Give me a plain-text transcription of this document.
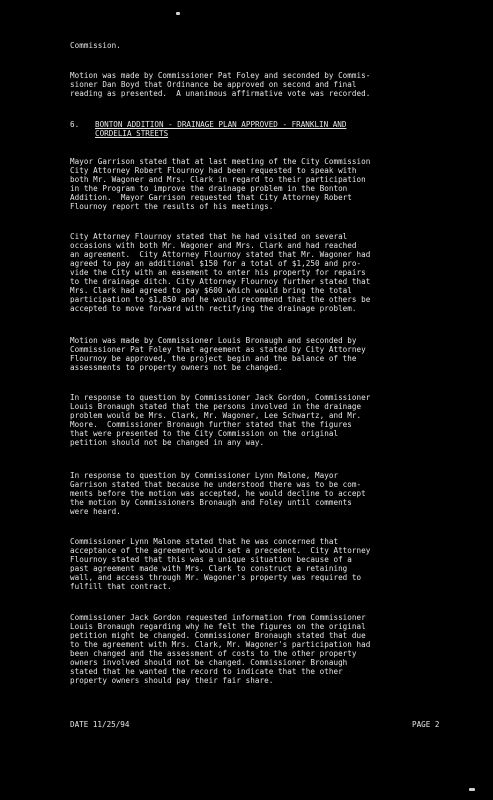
Commission.
Motion was made by Commissioner Pat Foley and seconded by Commis-
sioner Dan Boyd that Ordinance be approved on second and final
reading as presented.  A unanimous affirmative vote was recorded.
6. BONTON ADDITION - DRAINAGE PLAN APPROVED - FRANKLIN AND
CORDELIA STREETS
Mayor Garrison stated that at last meeting of the City Commission
City Attorney Robert Flournoy had been requested to speak with
both Mr. Wagoner and Mrs. Clark in regard to their participation
in the Program to improve the drainage problem in the Bonton
Addition.  Mayor Garrison requested that City Attorney Robert
Flournoy report the results of his meetings.
City Attorney Flournoy stated that he had visited on several
occasions with both Mr. Wagoner and Mrs. Clark and had reached
an agreement.  City Attorney Flournoy stated that Mr. Wagoner had
agreed to pay an additional $150 for a total of $1,250 and pro-
vide the City with an easement to enter his property for repairs
to the drainage ditch. City Attorney Flournoy further stated that
Mrs. Clark had agreed to pay $600 which would bring the total
participation to $1,850 and he would recommend that the others be
accepted to move forward with rectifying the drainage problem.
Motion was made by Commissioner Louis Bronaugh and seconded by
Commissioner Pat Foley that agreement as stated by City Attorney
Flournoy be approved, the project begin and the balance of the
assessments to property owners not be changed.
In response to question by Commissioner Jack Gordon, Commissioner
Louis Bronaugh stated that the persons involved in the drainage
problem would be Mrs. Clark, Mr. Wagoner, Lee Schwartz, and Mr.
Moore.  Commissioner Bronaugh further stated that the figures
that were presented to the City Commission on the original
petition should not be changed in any way.
In response to question by Commissioner Lynn Malone, Mayor
Garrison stated that because he understood there was to be com-
ments before the motion was accepted, he would decline to accept
the motion by Commissioners Bronaugh and Foley until comments
were heard.
Commissioner Lynn Malone stated that he was concerned that
acceptance of the agreement would set a precedent.  City Attorney
Flournoy stated that this was a unique situation because of a
past agreement made with Mrs. Clark to construct a retaining
wall, and access through Mr. Wagoner's property was required to
fulfill that contract.
Commissioner Jack Gordon requested information from Commissioner
Louis Bronaugh regarding why he felt the figures on the original
petition might be changed. Commissioner Bronaugh stated that due
to the agreement with Mrs. Clark, Mr. Wagoner's participation had
been changed and the assessment of costs to the other property
owners involved should not be changed. Commissioner Bronaugh
stated that he wanted the record to indicate that the other
property owners should pay their fair share.
DATE 11/25/94	PAGE 2
